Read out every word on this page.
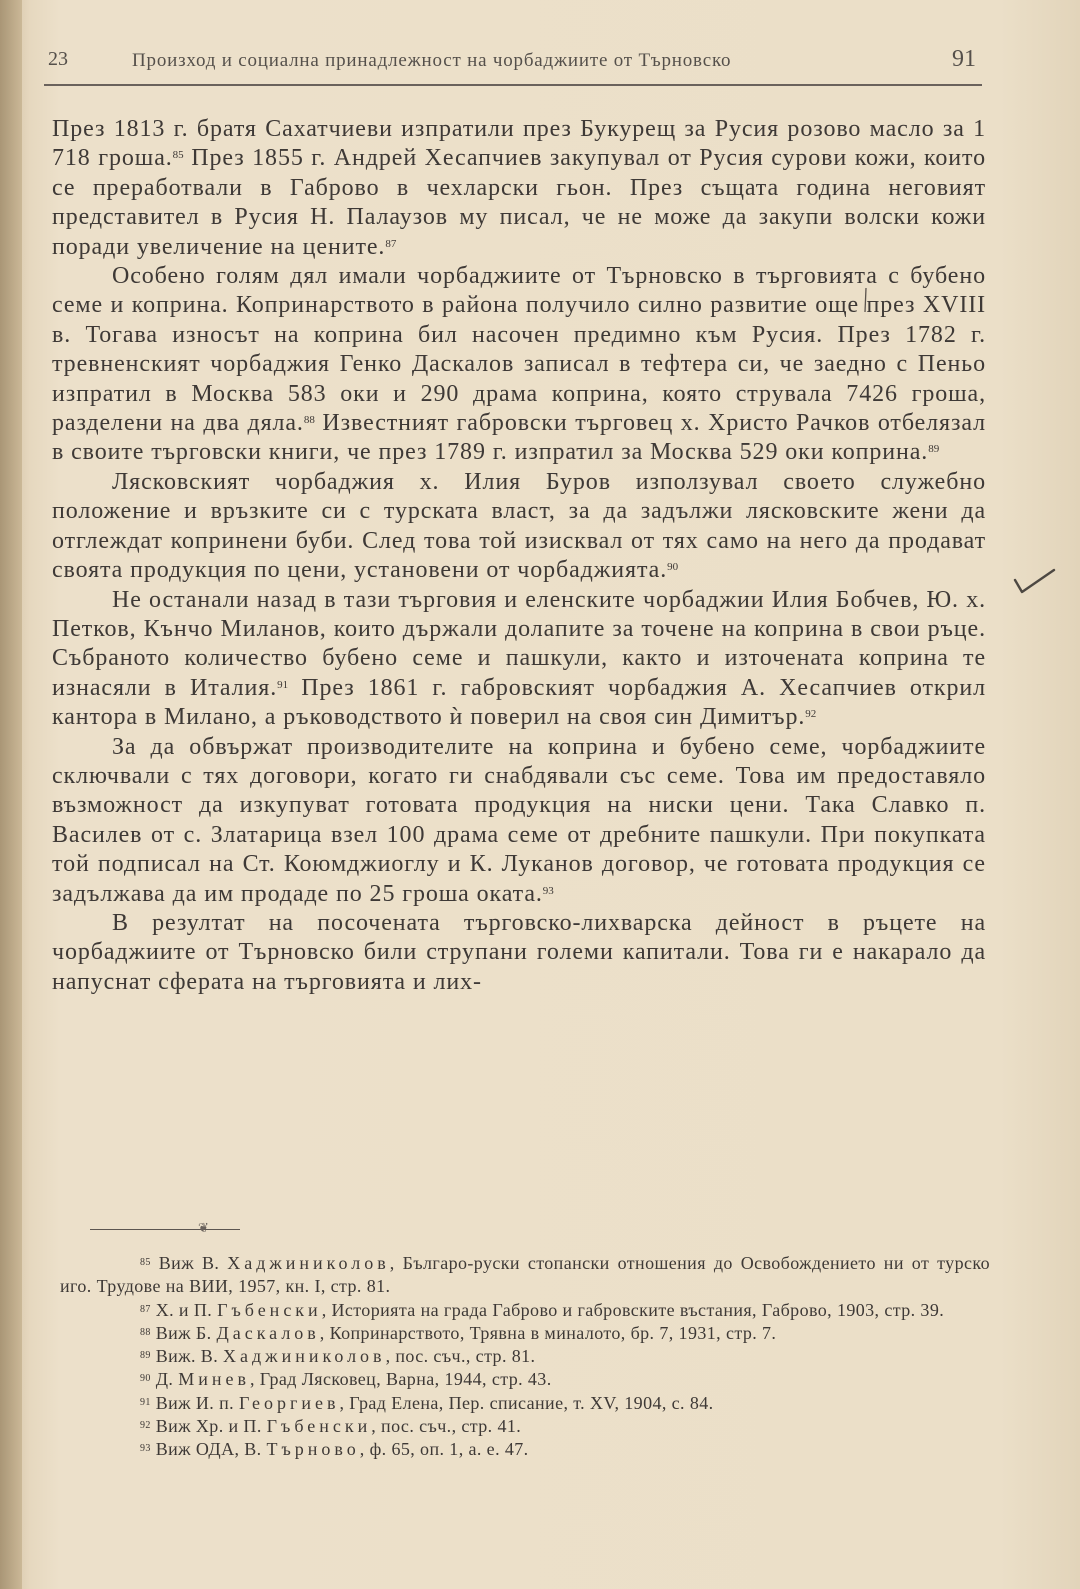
23	Произход и социална принадлежност на чорбаджиите от Търновско	91

През 1813 г. братя Сахатчиеви изпратили през Букурещ за Русия розово масло за 1 718 гроша.$^{85}$ През 1855 г. Андрей Хесапчиев закупувал от Русия сурови кожи, които се преработвали в Габрово в чехларски гьон. През същата година неговият представител в Русия Н. Палаузов му писал, че не може да закупи волски кожи поради увеличение на цените.$^{87}$

Особено голям дял имали чорбаджиите от Търновско в търговията с бубено семе и коприна. Копринарството в района получило силно развитие още през XVIII в. Тогава износът на коприна бил насочен предимно към Русия. През 1782 г. тревненският чорбаджия Генко Даскалов записал в тефтера си, че заедно с Пеньо изпратил в Москва 583 оки и 290 драма коприна, която струвала 7426 гроша, разделени на два дяла.$^{88}$ Известният габровски търговец х. Христо Рачков отбелязал в своите търговски книги, че през 1789 г. изпратил за Москва 529 оки коприна.$^{89}$

Лясковският чорбаджия х. Илия Буров използувал своето служебно положение и връзките си с турската власт, за да задължи лясковските жени да отглеждат копринени буби. След това той изисквал от тях само на него да продават своята продукция по цени, установени от чорбаджията.$^{90}$

Не останали назад в тази търговия и еленските чорбаджии Илия Бобчев, Ю. х. Петков, Кънчо Миланов, които държали долапите за точене на коприна в свои ръце. Събраното количество бубено семе и пашкули, както и източената коприна те изнасяли в Италия.$^{91}$ През 1861 г. габровският чорбаджия А. Хесапчиев открил кантора в Милано, а ръководството ѝ поверил на своя син Димитър.$^{92}$

За да обвържат производителите на коприна и бубено семе, чорбаджиите сключвали с тях договори, когато ги снабдявали със семе. Това им предоставяло възможност да изкупуват готовата продукция на ниски цени. Така Славко п. Василев от с. Златарица взел 100 драма семе от дребните пашкули. При покупката той подписал на Ст. Коюмджиоглу и К. Луканов договор, че готовата продукция се задължава да им продаде по 25 гроша оката.$^{93}$

В резултат на посочената търговско-лихварска дейност в ръцете на чорбаджиите от Търновско били струпани големи капитали. Това ги е накарало да напуснат сферата на търговията и лих-

❦

$^{85}$ Виж В. Хаджиниколов, Българо-руски стопански отношения до Освобождението ни от турско иго. Трудове на ВИИ, 1957, кн. I, стр. 81.

$^{87}$ Х. и П. Гъбенски, Историята на града Габрово и габровските въстания, Габрово, 1903, стр. 39.

$^{88}$ Виж Б. Даскалов, Копринарството, Трявна в миналото, бр. 7, 1931, стр. 7.

$^{89}$ Виж. В. Хаджиниколов, пос. съч., стр. 81.

$^{90}$ Д. Минев, Град Лясковец, Варна, 1944, стр. 43.

$^{91}$ Виж И. п. Георгиев, Град Елена, Пер. списание, т. XV, 1904, с. 84.

$^{92}$ Виж Хр. и П. Гъбенски, пос. съч., стр. 41.

$^{93}$ Виж ОДА, В. Търново, ф. 65, оп. 1, а. е. 47.
